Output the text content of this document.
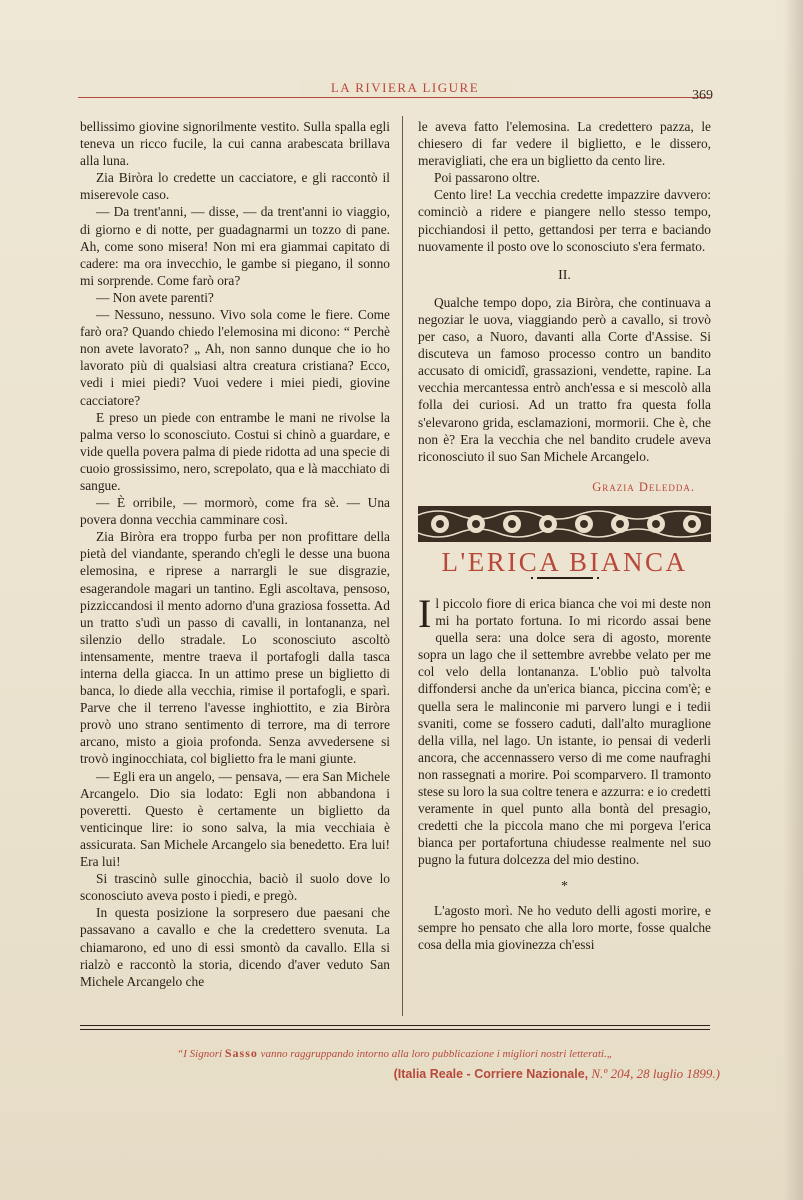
LA RIVIERA LIGURE
369

bellissimo giovine signorilmente vestito. Sulla spalla egli teneva un ricco fucile, la cui canna arabescata brillava alla luna.

Zia Biròra lo credette un cacciatore, e gli raccontò il miserevole caso.

— Da trent'anni, — disse, — da trent'anni io viaggio, di giorno e di notte, per guadagnarmi un tozzo di pane. Ah, come sono misera! Non mi era giammai capitato di cadere: ma ora invecchio, le gambe si piegano, il sonno mi sorprende. Come farò ora?

— Non avete parenti?

— Nessuno, nessuno. Vivo sola come le fiere. Come farò ora? Quando chiedo l'elemosina mi dicono: “ Perchè non avete lavorato? „ Ah, non sanno dunque che io ho lavorato più di qualsiasi altra creatura cristiana? Ecco, vedi i miei piedi? Vuoi vedere i miei piedi, giovine cacciatore?

E preso un piede con entrambe le mani ne rivolse la palma verso lo sconosciuto. Costui si chinò a guardare, e vide quella povera palma di piede ridotta ad una specie di cuoio grossissimo, nero, screpolato, qua e là macchiato di sangue.

— È orribile, — mormorò, come fra sè. — Una povera donna vecchia camminare così.

Zia Biròra era troppo furba per non profittare della pietà del viandante, sperando ch'egli le desse una buona elemosina, e riprese a narrargli le sue disgrazie, esagerandole magari un tantino. Egli ascoltava, pensoso, pizziccandosi il mento adorno d'una graziosa fossetta. Ad un tratto s'udì un passo di cavalli, in lontananza, nel silenzio dello stradale. Lo sconosciuto ascoltò intensamente, mentre traeva il portafogli dalla tasca interna della giacca. In un attimo prese un biglietto di banca, lo diede alla vecchia, rimise il portafogli, e sparì. Parve che il terreno l'avesse inghiottito, e zia Biròra provò uno strano sentimento di terrore, ma di terrore arcano, misto a gioia profonda. Senza avvedersene si trovò inginocchiata, col biglietto fra le mani giunte.

— Egli era un angelo, — pensava, — era San Michele Arcangelo. Dio sia lodato: Egli non abbandona i poveretti. Questo è certamente un biglietto da venticinque lire: io sono salva, la mia vecchiaia è assicurata. San Michele Arcangelo sia benedetto. Era lui! Era lui!

Si trascinò sulle ginocchia, baciò il suolo dove lo sconosciuto aveva posto i piedi, e pregò.

In questa posizione la sorpresero due paesani che passavano a cavallo e che la credettero svenuta. La chiamarono, ed uno di essi smontò da cavallo. Ella si rialzò e raccontò la storia, dicendo d'aver veduto San Michele Arcangelo che

le aveva fatto l'elemosina. La credettero pazza, le chiesero di far vedere il biglietto, e le dissero, meravigliati, che era un biglietto da cento lire.

Poi passarono oltre.

Cento lire! La vecchia credette impazzire davvero: cominciò a ridere e piangere nello stesso tempo, picchiandosi il petto, gettandosi per terra e baciando nuovamente il posto ove lo sconosciuto s'era fermato.

II.

Qualche tempo dopo, zia Biròra, che continuava a negoziar le uova, viaggiando però a cavallo, si trovò per caso, a Nuoro, davanti alla Corte d'Assise. Si discuteva un famoso processo contro un bandito accusato di omicidî, grassazioni, vendette, rapine. La vecchia mercantessa entrò anch'essa e si mescolò alla folla dei curiosi. Ad un tratto fra questa folla s'elevarono grida, esclamazioni, mormorii. Che è, che non è? Era la vecchia che nel bandito crudele aveva riconosciuto il suo San Michele Arcangelo.

Grazia Deledda.
L'ERICA BIANCA

Il piccolo fiore di erica bianca che voi mi deste non mi ha portato fortuna. Io mi ricordo assai bene quella sera: una dolce sera di agosto, morente sopra un lago che il settembre avrebbe velato per me col velo della lontananza. L'oblio può talvolta diffondersi anche da un'erica bianca, piccina com'è; e quella sera le malinconie mi parvero lungi e i tedii svaniti, come se fossero caduti, dall'alto muraglione della villa, nel lago. Un istante, io pensai di vederli ancora, che accennassero verso di me come naufraghi non rassegnati a morire. Poi scomparvero. Il tramonto stese su loro la sua coltre tenera e azzurra: e io credetti veramente in quel punto alla bontà del presagio, credetti che la piccola mano che mi porgeva l'erica bianca per portafortuna chiudesse realmente nel suo pugno la futura dolcezza del mio destino.

*

L'agosto morì. Ne ho veduto delli agosti morire, e sempre ho pensato che alla loro morte, fosse qualche cosa della mia giovinezza ch'essi

“I Signori Sasso vanno raggruppando intorno alla loro pubblicazione i migliori nostri letterati.„
(Italia Reale - Corriere Nazionale, N.º 204, 28 luglio 1899.)
